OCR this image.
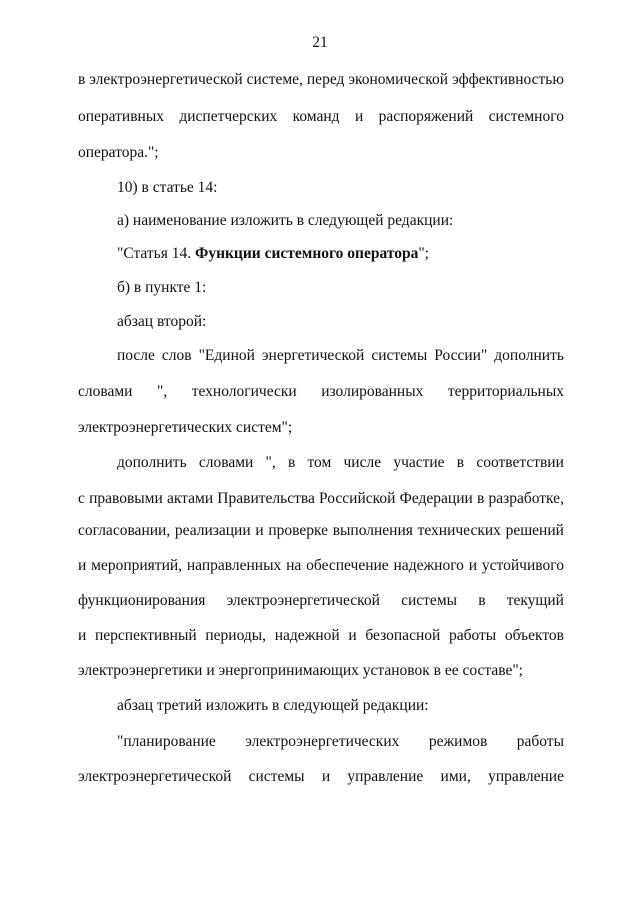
21
в электроэнергетической системе, перед экономической эффективностью
оперативных диспетчерских команд и распоряжений системного
оператора.";
10) в статье 14:
а) наименование изложить в следующей редакции:
"Статья 14. Функции системного оператора";
б) в пункте 1:
абзац второй:
после слов "Единой энергетической системы России" дополнить
словами ", технологически изолированных территориальных
электроэнергетических систем";
дополнить словами ", в том числе участие в соответствии
с правовыми актами Правительства Российской Федерации в разработке,
согласовании, реализации и проверке выполнения технических решений
и мероприятий, направленных на обеспечение надежного и устойчивого
функционирования электроэнергетической системы в текущий
и перспективный периоды, надежной и безопасной работы объектов
электроэнергетики и энергопринимающих установок в ее составе";
абзац третий изложить в следующей редакции:
"планирование электроэнергетических режимов работы
электроэнергетической системы и управление ими, управление
